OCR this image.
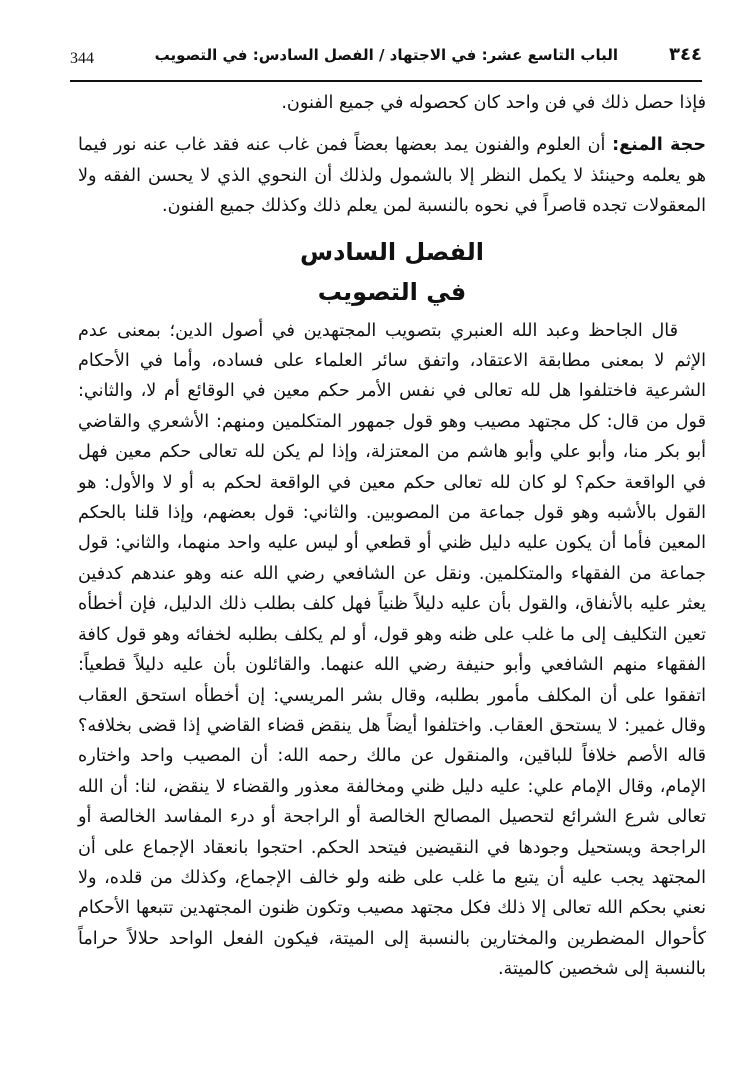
344	الباب التاسع عشر: في الاجتهاد / الفصل السادس: في التصويب	٣٤٤

فإذا حصل ذلك في فن واحد كان كحصوله في جميع الفنون.

حجة المنع: أن العلوم والفنون يمد بعضها بعضاً فمن غاب عنه فقد غاب عنه نور فيما هو يعلمه وحينئذ لا يكمل النظر إلا بالشمول ولذلك أن النحوي الذي لا يحسن الفقه ولا المعقولات تجده قاصراً في نحوه بالنسبة لمن يعلم ذلك وكذلك جميع الفنون.

الفصل السادس
في التصويب

قال الجاحظ وعبد الله العنبري بتصويب المجتهدين في أصول الدين؛ بمعنى عدم الإثم لا بمعنى مطابقة الاعتقاد، واتفق سائر العلماء على فساده، وأما في الأحكام الشرعية فاختلفوا هل لله تعالى في نفس الأمر حكم معين في الوقائع أم لا، والثاني: قول من قال: كل مجتهد مصيب وهو قول جمهور المتكلمين ومنهم: الأشعري والقاضي أبو بكر منا، وأبو علي وأبو هاشم من المعتزلة، وإذا لم يكن لله تعالى حكم معين فهل في الواقعة حكم؟ لو كان لله تعالى حكم معين في الواقعة لحكم به أو لا والأول: هو القول بالأشبه وهو قول جماعة من المصوبين. والثاني: قول بعضهم، وإذا قلنا بالحكم المعين فأما أن يكون عليه دليل ظني أو قطعي أو ليس عليه واحد منهما، والثاني: قول جماعة من الفقهاء والمتكلمين. ونقل عن الشافعي رضي الله عنه وهو عندهم كدفين يعثر عليه بالأنفاق، والقول بأن عليه دليلاً ظنياً فهل كلف بطلب ذلك الدليل، فإن أخطأه تعين التكليف إلى ما غلب على ظنه وهو قول، أو لم يكلف بطلبه لخفائه وهو قول كافة الفقهاء منهم الشافعي وأبو حنيفة رضي الله عنهما. والقائلون بأن عليه دليلاً قطعياً: اتفقوا على أن المكلف مأمور بطلبه، وقال بشر المريسي: إن أخطأه استحق العقاب وقال غمير: لا يستحق العقاب. واختلفوا أيضاً هل ينقض قضاء القاضي إذا قضى بخلافه؟ قاله الأصم خلافاً للباقين، والمنقول عن مالك رحمه الله: أن المصيب واحد واختاره الإمام، وقال الإمام علي: عليه دليل ظني ومخالفة معذور والقضاء لا ينقض، لنا: أن الله تعالى شرع الشرائع لتحصيل المصالح الخالصة أو الراجحة أو درء المفاسد الخالصة أو الراجحة ويستحيل وجودها في النقيضين فيتحد الحكم. احتجوا بانعقاد الإجماع على أن المجتهد يجب عليه أن يتبع ما غلب على ظنه ولو خالف الإجماع، وكذلك من قلده، ولا نعني بحكم الله تعالى إلا ذلك فكل مجتهد مصيب وتكون ظنون المجتهدين تتبعها الأحكام كأحوال المضطرين والمختارين بالنسبة إلى الميتة، فيكون الفعل الواحد حلالاً حراماً بالنسبة إلى شخصين كالميتة.
